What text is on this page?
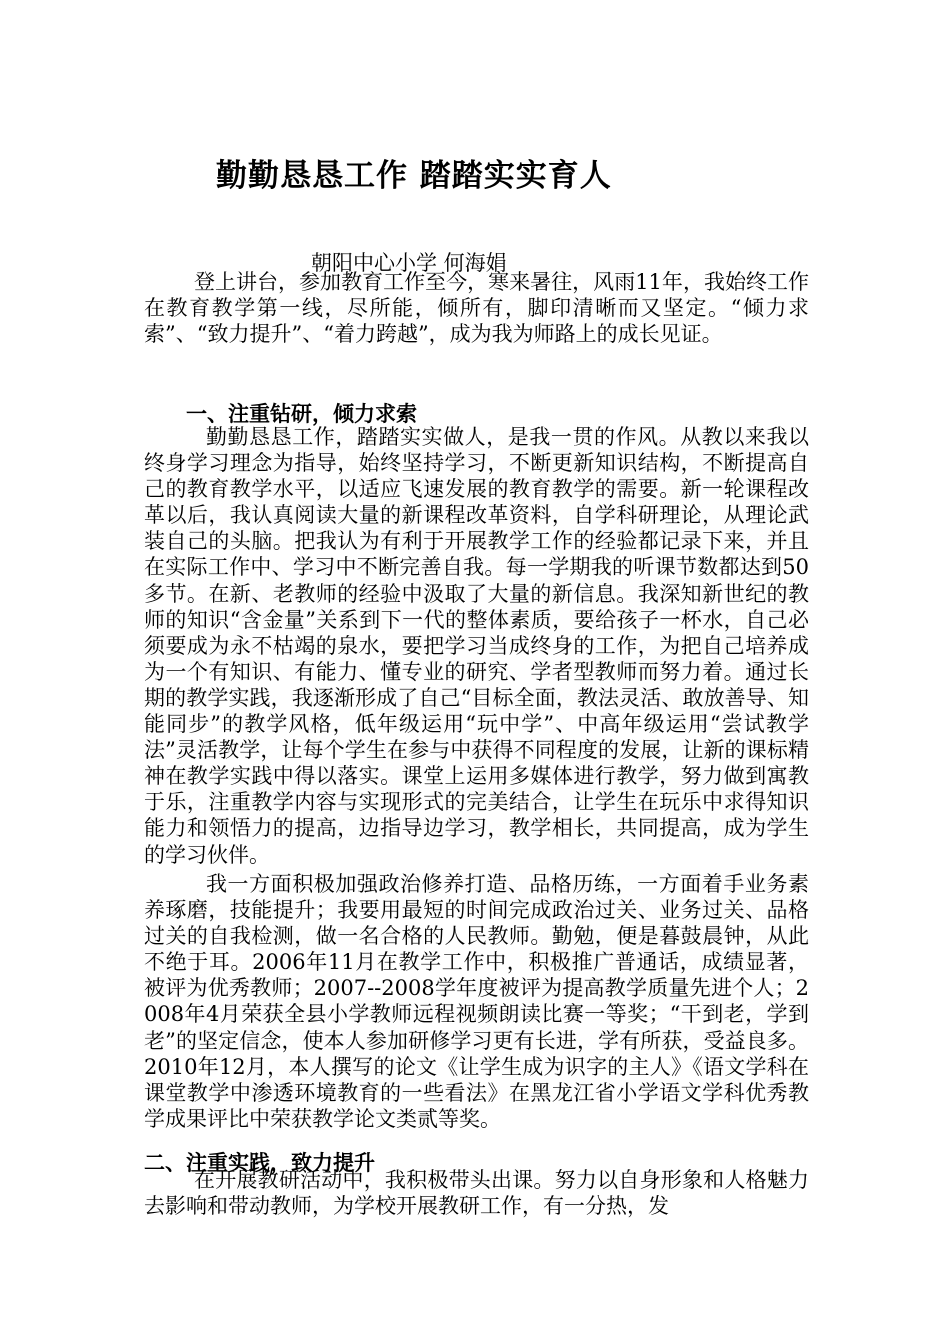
勤勤恳恳工作 踏踏实实育人

朝阳中心小学 何海娟

登上讲台，参加教育工作至今，寒来暑往，风雨11年，我始终工作在教育教学第一线，尽所能，倾所有，脚印清晰而又坚定。“倾力求索”、“致力提升”、“着力跨越”，成为我为师路上的成长见证。

一、注重钻研，倾力求索

勤勤恳恳工作，踏踏实实做人，是我一贯的作风。从教以来我以终身学习理念为指导，始终坚持学习，不断更新知识结构，不断提高自己的教育教学水平，以适应飞速发展的教育教学的需要。新一轮课程改革以后，我认真阅读大量的新课程改革资料，自学科研理论，从理论武装自己的头脑。把我认为有利于开展教学工作的经验都记录下来，并且在实际工作中、学习中不断完善自我。每一学期我的听课节数都达到50多节。在新、老教师的经验中汲取了大量的新信息。我深知新世纪的教师的知识“含金量”关系到下一代的整体素质，要给孩子一杯水，自己必须要成为永不枯竭的泉水，要把学习当成终身的工作，为把自己培养成为一个有知识、有能力、懂专业的研究、学者型教师而努力着。通过长期的教学实践，我逐渐形成了自己“目标全面，教法灵活、敢放善导、知能同步”的教学风格，低年级运用“玩中学”、中高年级运用“尝试教学法”灵活教学，让每个学生在参与中获得不同程度的发展，让新的课标精神在教学实践中得以落实。课堂上运用多媒体进行教学，努力做到寓教于乐，注重教学内容与实现形式的完美结合，让学生在玩乐中求得知识能力和领悟力的提高，边指导边学习，教学相长，共同提高，成为学生的学习伙伴。

我一方面积极加强政治修养打造、品格历练，一方面着手业务素养琢磨，技能提升；我要用最短的时间完成政治过关、业务过关、品格过关的自我检测，做一名合格的人民教师。勤勉，便是暮鼓晨钟，从此不绝于耳。2006年11月在教学工作中，积极推广普通话，成绩显著，被评为优秀教师；2007--2008学年度被评为提高教学质量先进个人；2008年4月荣获全县小学教师远程视频朗读比赛一等奖；“干到老，学到老”的坚定信念，使本人参加研修学习更有长进，学有所获，受益良多。2010年12月，本人撰写的论文《让学生成为识字的主人》《语文学科在课堂教学中渗透环境教育的一些看法》在黑龙江省小学语文学科优秀教学成果评比中荣获教学论文类贰等奖。

二、注重实践，致力提升

在开展教研活动中，我积极带头出课。努力以自身形象和人格魅力去影响和带动教师，为学校开展教研工作，有一分热，发
